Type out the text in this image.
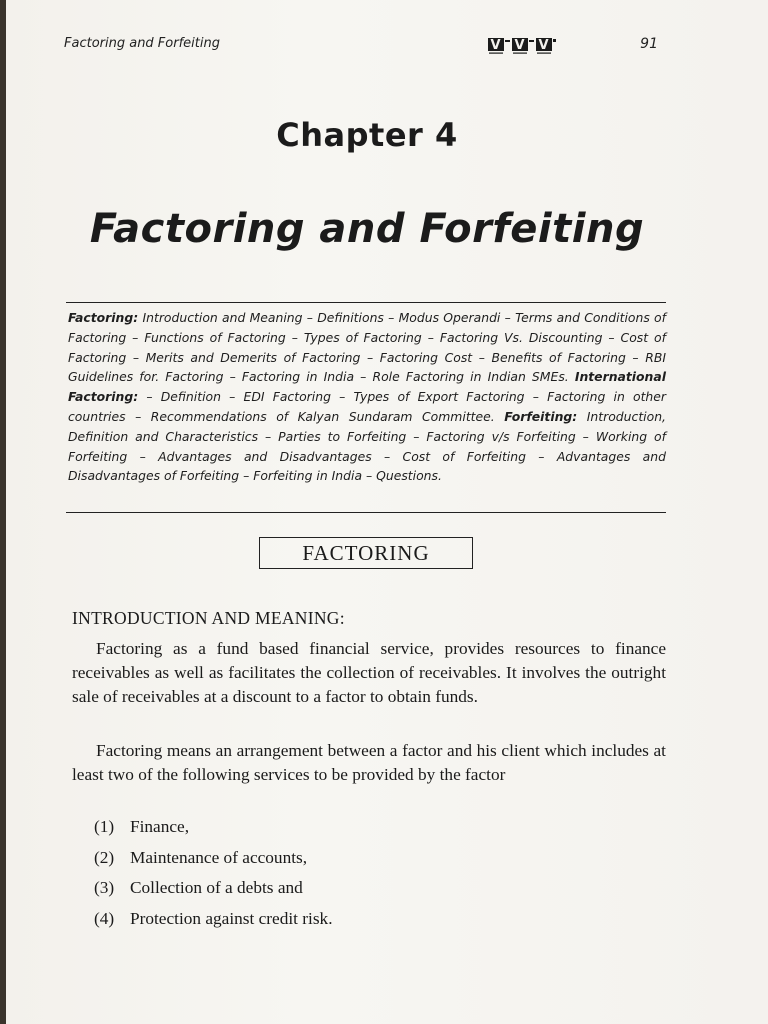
Factoring and Forfeiting	V V V	91
Chapter 4
Factoring and Forfeiting
Factoring: Introduction and Meaning – Definitions – Modus Operandi – Terms and Conditions of Factoring – Functions of Factoring – Types of Factoring – Factoring Vs. Discounting – Cost of Factoring – Merits and Demerits of Factoring – Factoring Cost – Benefits of Factoring – RBI Guidelines for. Factoring – Factoring in India – Role Factoring in Indian SMEs. International Factoring: – Definition – EDI Factoring – Types of Export Factoring – Factoring in other countries – Recommendations of Kalyan Sundaram Committee. Forfeiting: Introduction, Definition and Characteristics – Parties to Forfeiting – Factoring v/s Forfeiting – Working of Forfeiting – Advantages and Disadvantages – Cost of Forfeiting – Advantages and Disadvantages of Forfeiting – Forfeiting in India – Questions.
FACTORING
INTRODUCTION AND MEANING:

Factoring as a fund based financial service, provides resources to finance receivables as well as facilitates the collection of receivables. It involves the outright sale of receivables at a discount to a factor to obtain funds.

Factoring means an arrangement between a factor and his client which includes at least two of the following services to be provided by the factor

(1) Finance,
(2) Maintenance of accounts,
(3) Collection of a debts and
(4) Protection against credit risk.
